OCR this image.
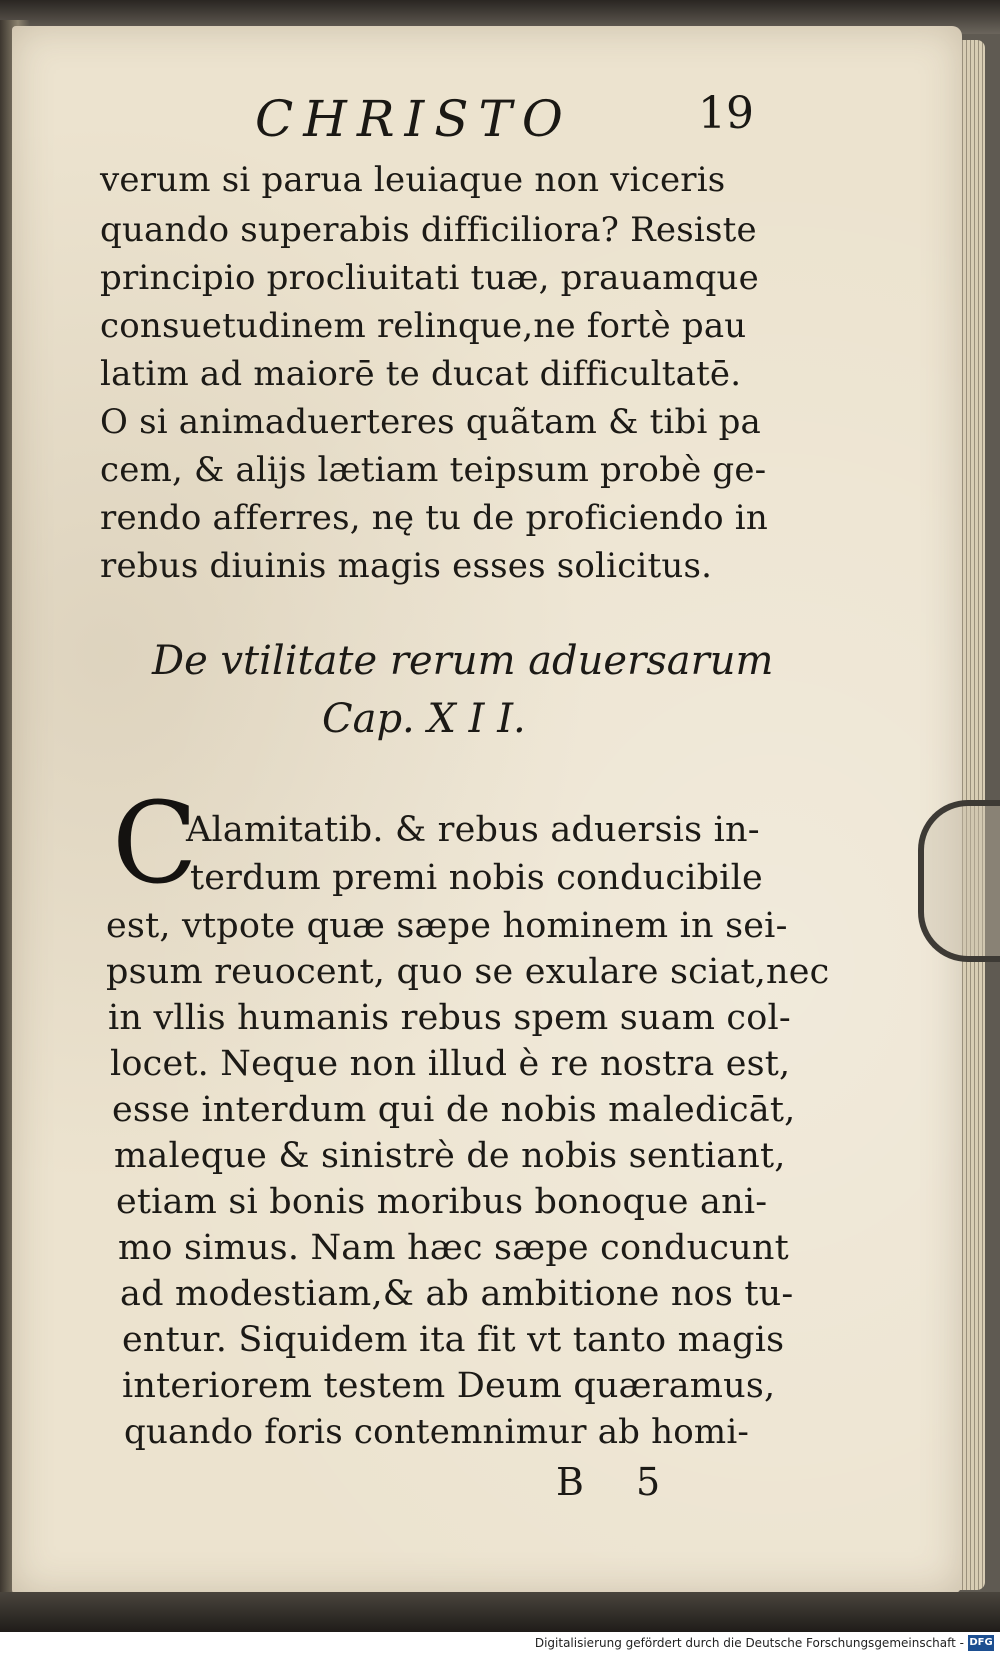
CHRISTO	19
verum si parua leuiaque non viceris
quando superabis difficiliora? Resiste
principio procliuitati tuæ, prauamque
consuetudinem relinque,ne fortè pau
latim ad maiorē te ducat difficultatē.
O si animaduerteres quãtam & tibi pa
cem, & alijs lætiam teipsum probè ge-
rendo afferres, nę tu de proficiendo in
rebus diuinis magis esses solicitus.
De vtilitate rerum aduersarum
Cap. X I I.
C
Alamitatib. & rebus aduersis in-
terdum premi nobis conducibile
est, vtpote quæ sæpe hominem in sei-
psum reuocent, quo se exulare sciat,nec
in vllis humanis rebus spem suam col-
locet. Neque non illud è re nostra est,
esse interdum qui de nobis maledicāt,
maleque & sinistrè de nobis sentiant,
etiam si bonis moribus bonoque ani-
mo simus. Nam hæc sæpe conducunt
ad modestiam,& ab ambitione nos tu-
entur. Siquidem ita fit vt tanto magis
interiorem testem Deum quæramus,
quando foris contemnimur ab homi-
B 5
Digitalisierung gefördert durch die Deutsche Forschungsgemeinschaft - DFG
